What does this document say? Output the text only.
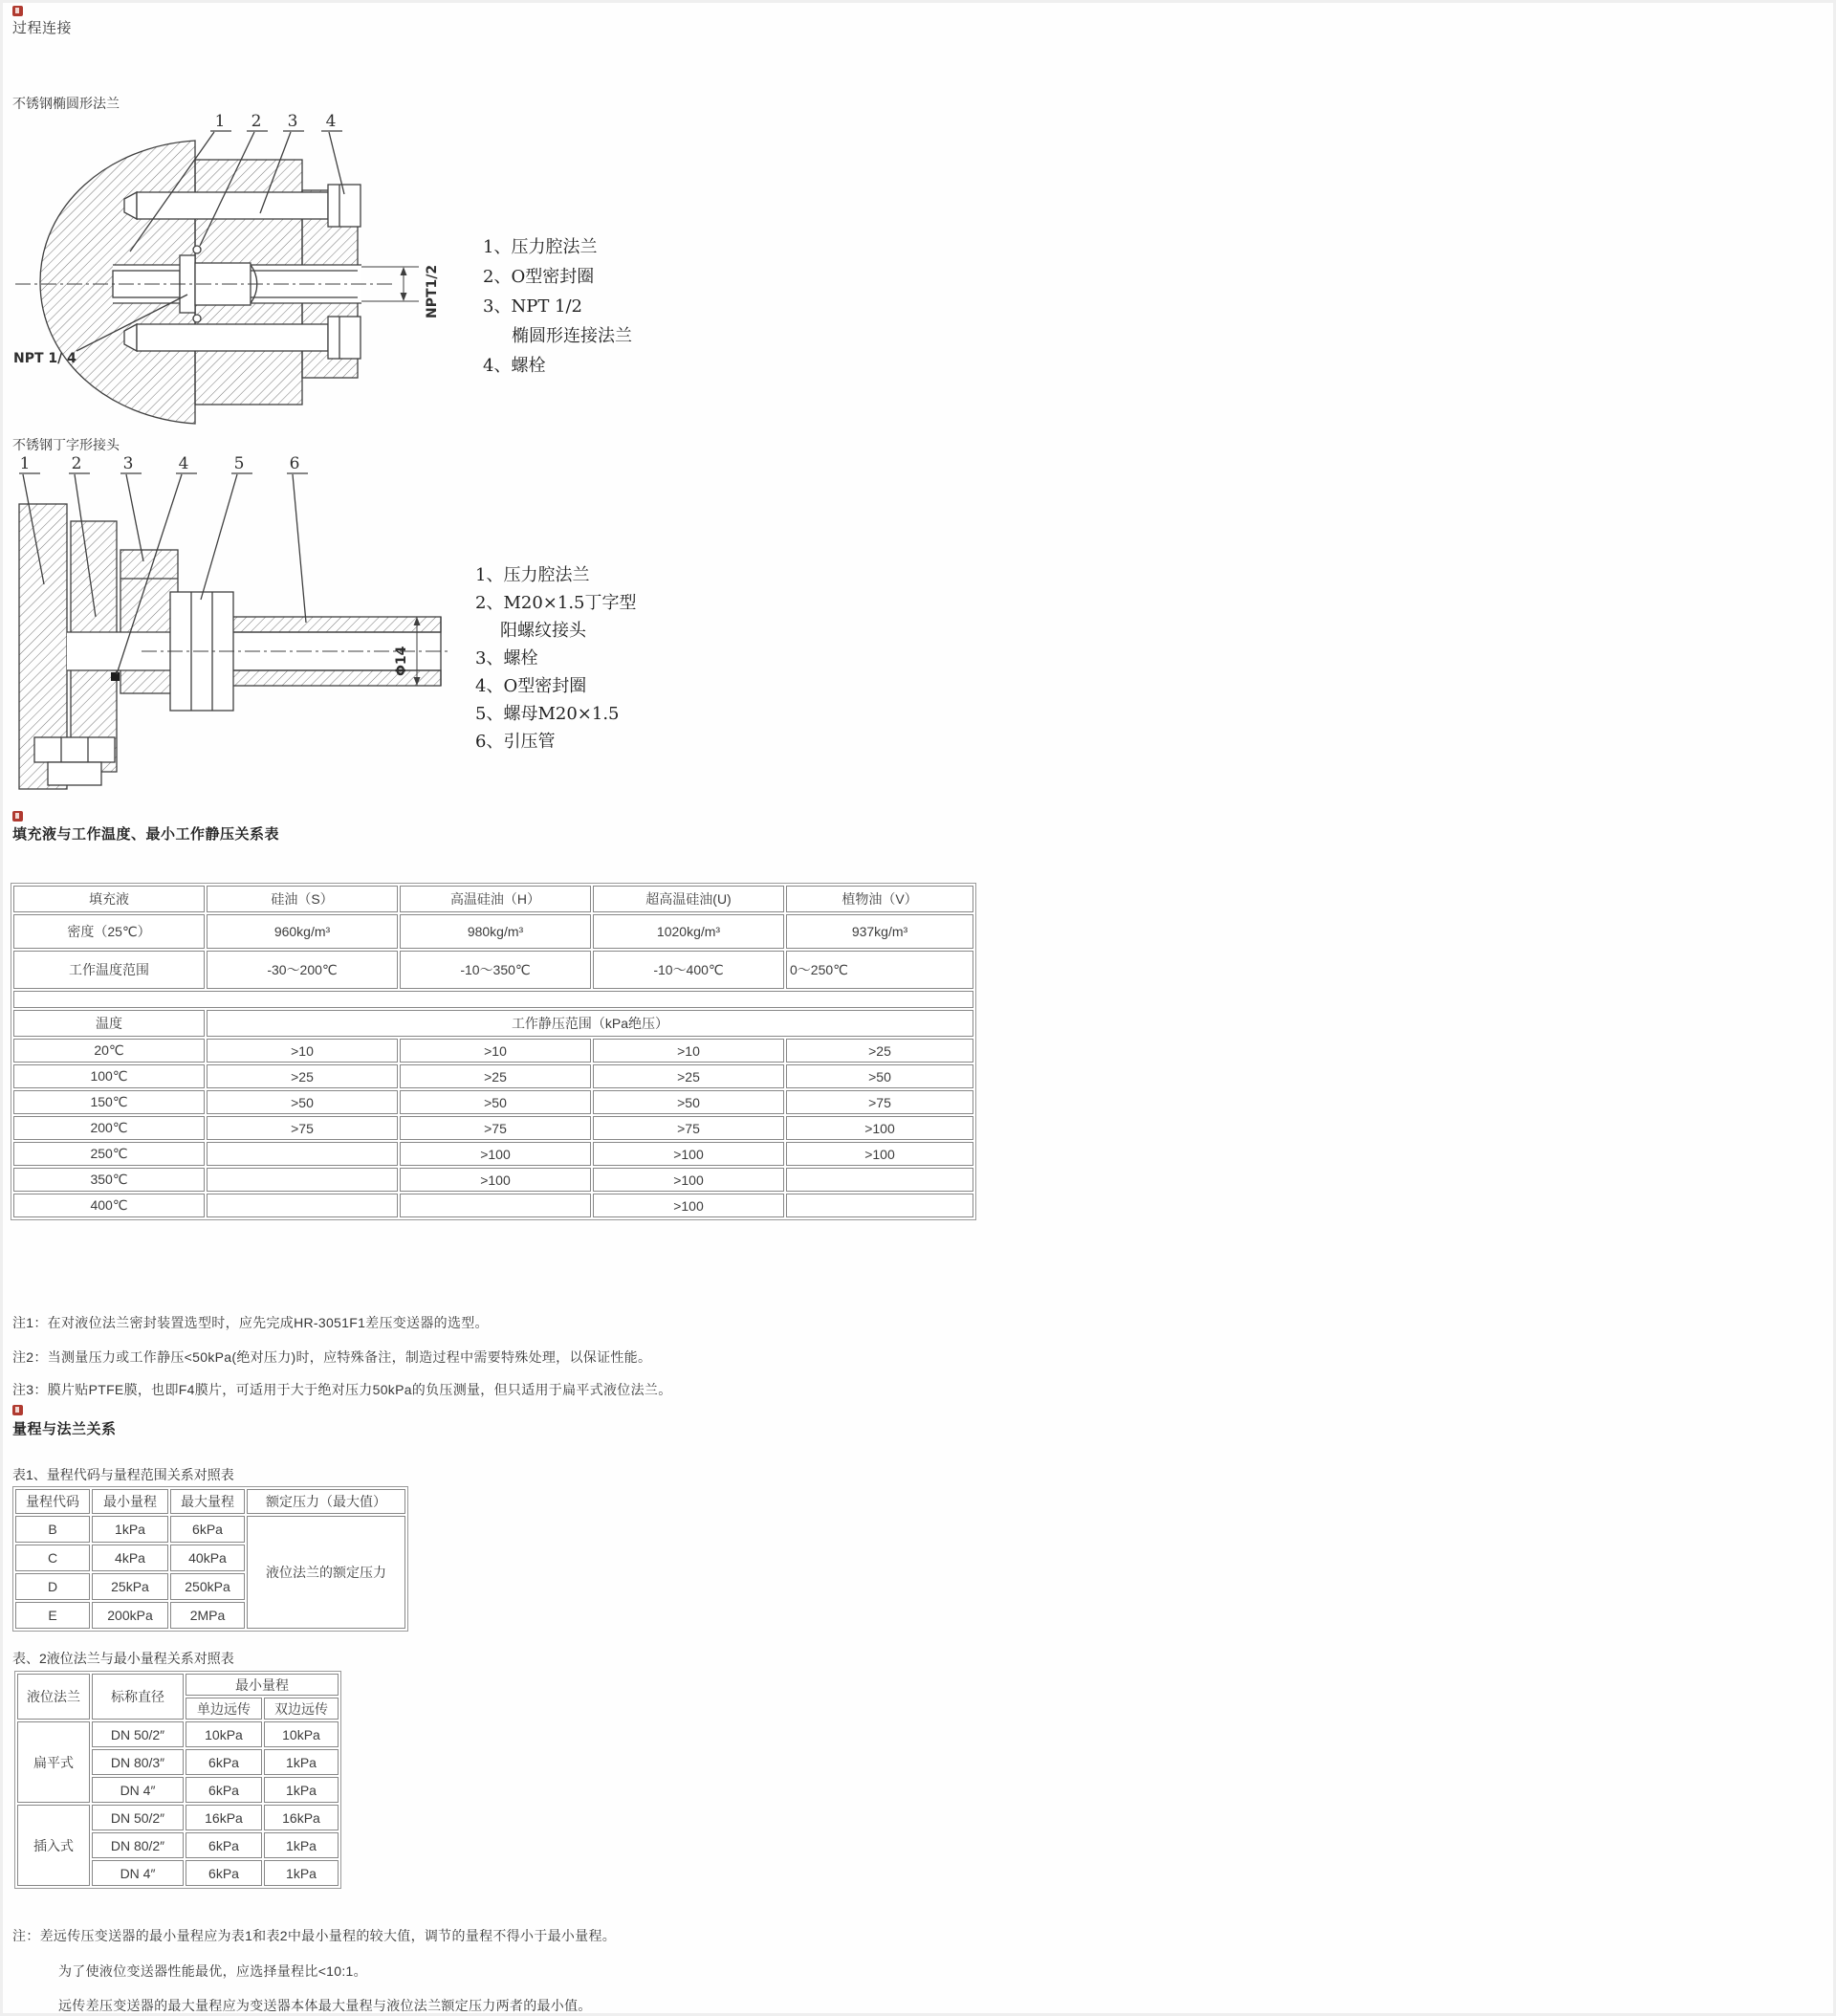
过程连接
不锈钢椭圆形法兰
1 2 3 4
NPT1/2
NPT 1/ 4
1、压力腔法兰
2、O型密封圈
3、NPT 1/2
椭圆形连接法兰
4、螺栓
不锈钢丁字形接头
1	2	3	4	5	6
Φ14
1、压力腔法兰
2、M20×1.5丁字型
阳螺纹接头
3、螺栓
4、O型密封圈
5、螺母M20×1.5
6、引压管
填充液与工作温度、最小工作静压关系表
填充液	硅油（S）	高温硅油（H）	超高温硅油(U)	植物油（V）
密度（25℃）	960kg/m³	980kg/m³	1020kg/m³	937kg/m³
工作温度范围	-30～200℃	-10～350℃	-10～400℃	0～250℃

温度	工作静压范围（kPa绝压）			
20℃	>10	>10	>10	>25
100℃	>25	>25	>25	>50
150℃	>50	>50	>50	>75
200℃	>75	>75	>75	>100
250℃		>100	>100	>100
350℃		>100	>100	
400℃			>100	
注1：在对液位法兰密封装置选型时，应先完成HR-3051F1差压变送器的选型。
注2：当测量压力或工作静压<50kPa(绝对压力)时，应特殊备注，制造过程中需要特殊处理，以保证性能。
注3：膜片贴PTFE膜，也即F4膜片，可适用于大于绝对压力50kPa的负压测量，但只适用于扁平式液位法兰。
量程与法兰关系
表1、量程代码与量程范围关系对照表
量程代码	最小量程	最大量程	额定压力（最大值）
B	1kPa	6kPa	液位法兰的额定压力
C	4kPa	40kPa	
D	25kPa	250kPa	
E	200kPa	2MPa	
表、2液位法兰与最小量程关系对照表
液位法兰	标称直径	最小量程	
		单边远传	双边远传
扁平式	DN 50/2″	10kPa	10kPa
	DN 80/3″	6kPa	1kPa
	DN 4″	6kPa	1kPa
插入式	DN 50/2″	16kPa	16kPa
	DN 80/2″	6kPa	1kPa
	DN 4″	6kPa	1kPa
注：差远传压变送器的最小量程应为表1和表2中最小量程的较大值，调节的量程不得小于最小量程。
为了使液位变送器性能最优，应选择量程比<10:1。
远传差压变送器的最大量程应为变送器本体最大量程与液位法兰额定压力两者的最小值。
